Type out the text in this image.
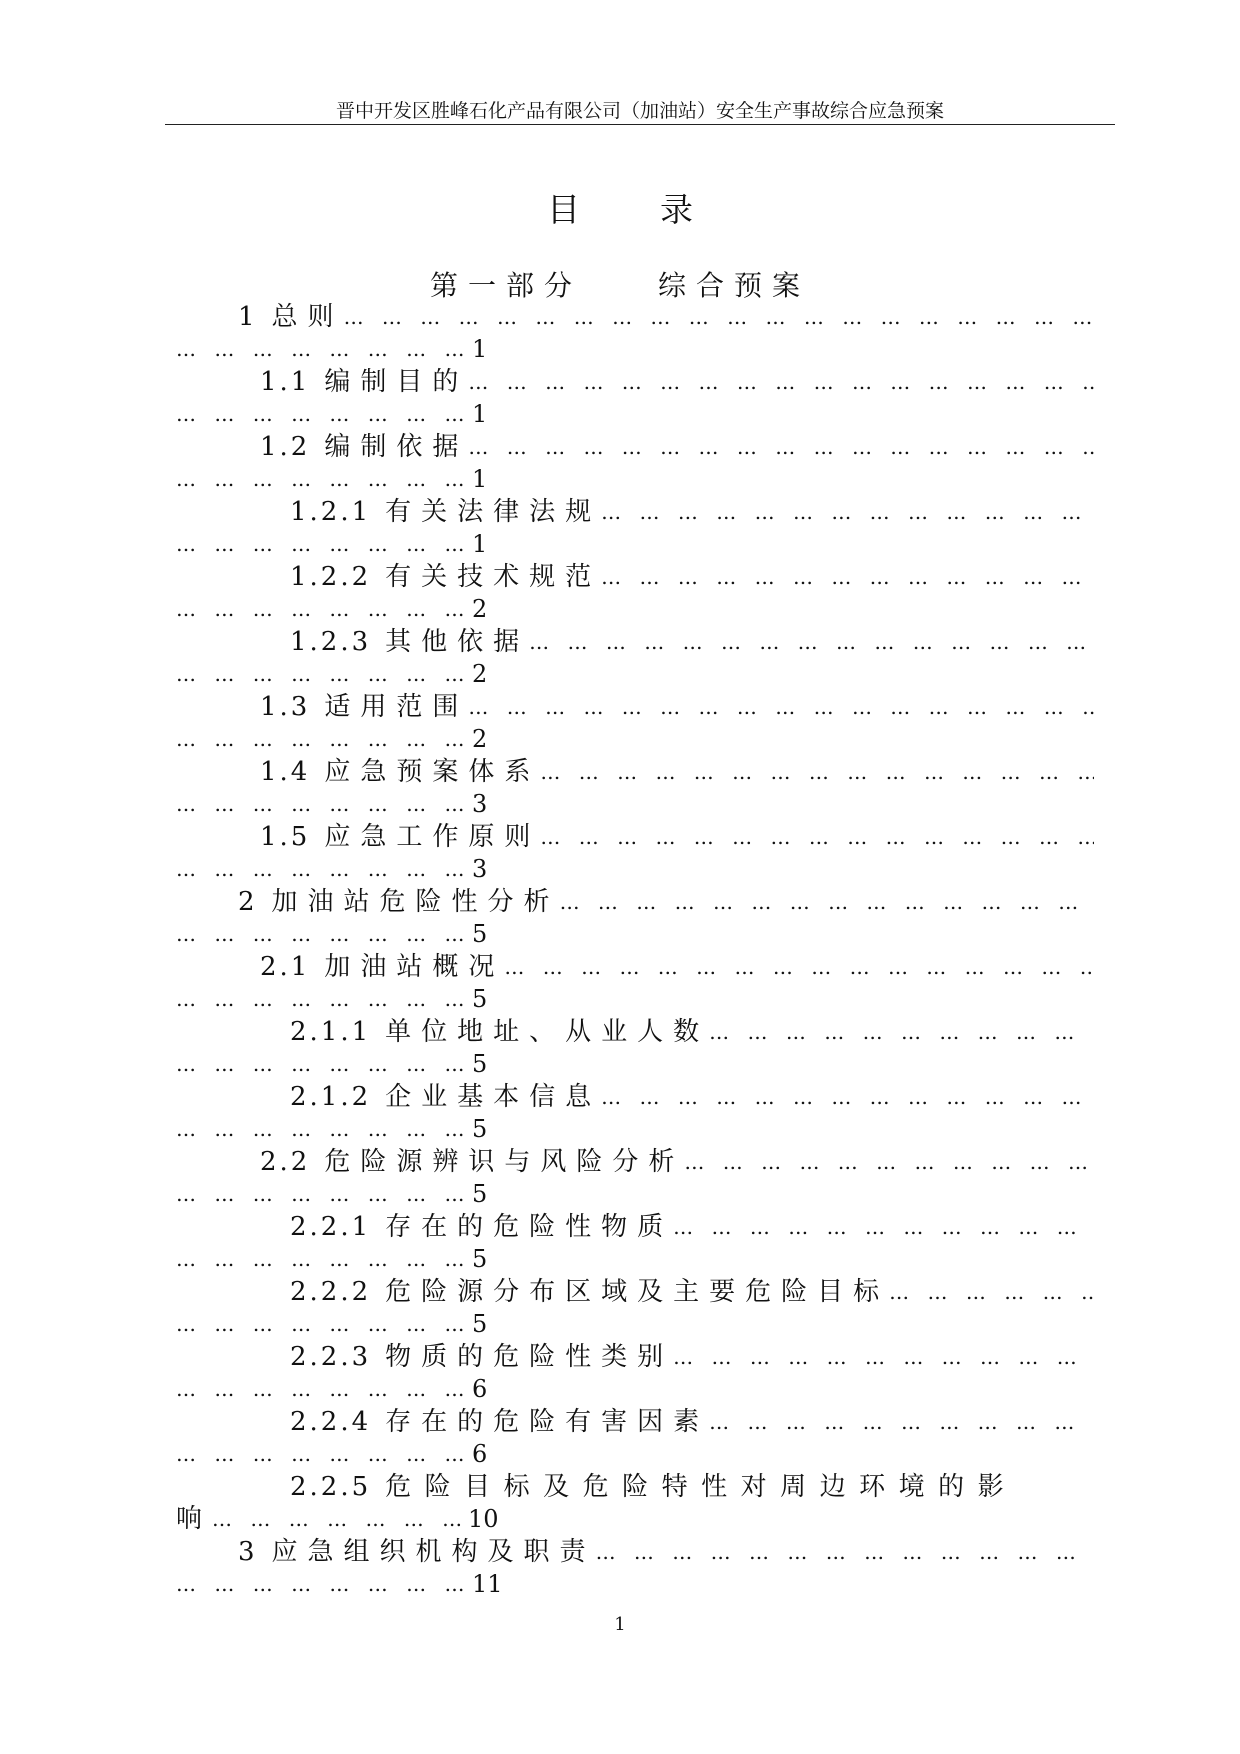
晋中开发区胜峰石化产品有限公司（加油站）安全生产事故综合应急预案
目录
第一部分　　综合预案
1 总则
… … … … … … … … … … … … … … … … … … … … … … … … … … … … … … … … … … … … … … …
… … … … … … … … … … … … … …
1
1.1 编制目的
… … … … … … … … … … … … … … … … … … … … … … … … … … … … … … … … … … … … … … …
… … … … … … … … … … … … … …
1
1.2 编制依据
… … … … … … … … … … … … … … … … … … … … … … … … … … … … … … … … … … … … … … …
… … … … … … … … … … … … … …
1
1.2.1 有关法律法规
… … … … … … … … … … … … … … … … … … … … … … … … … … … … … … … … … … … … … … …
… … … … … … … … … … … … … …
1
1.2.2 有关技术规范
… … … … … … … … … … … … … … … … … … … … … … … … … … … … … … … … … … … … … … …
… … … … … … … … … … … … … …
2
1.2.3 其他依据
… … … … … … … … … … … … … … … … … … … … … … … … … … … … … … … … … … … … … … …
… … … … … … … … … … … … … …
2
1.3 适用范围
… … … … … … … … … … … … … … … … … … … … … … … … … … … … … … … … … … … … … … …
… … … … … … … … … … … … … …
2
1.4 应急预案体系
… … … … … … … … … … … … … … … … … … … … … … … … … … … … … … … … … … … … … … …
… … … … … … … … … … … … … …
3
1.5 应急工作原则
… … … … … … … … … … … … … … … … … … … … … … … … … … … … … … … … … … … … … … …
… … … … … … … … … … … … … …
3
2 加油站危险性分析
… … … … … … … … … … … … … … … … … … … … … … … … … … … … … … … … … … … … … … …
… … … … … … … … … … … … … …
5
2.1 加油站概况
… … … … … … … … … … … … … … … … … … … … … … … … … … … … … … … … … … … … … … …
… … … … … … … … … … … … … …
5
2.1.1 单位地址、从业人数
… … … … … … … … … … … … … … … … … … … … … … … … … … … … … … … … … … … … … … …
… … … … … … … … … … … … … …
5
2.1.2 企业基本信息
… … … … … … … … … … … … … … … … … … … … … … … … … … … … … … … … … … … … … … …
… … … … … … … … … … … … … …
5
2.2 危险源辨识与风险分析
… … … … … … … … … … … … … … … … … … … … … … … … … … … … … … … … … … … … … … …
… … … … … … … … … … … … … …
5
2.2.1 存在的危险性物质
… … … … … … … … … … … … … … … … … … … … … … … … … … … … … … … … … … … … … … …
… … … … … … … … … … … … … …
5
2.2.2 危险源分布区域及主要危险目标
… … … … … … … … … … … … … … … … … … … … … … … … … … … … … … … … … … … … … … …
… … … … … … … … … … … … … …
5
2.2.3 物质的危险性类别
… … … … … … … … … … … … … … … … … … … … … … … … … … … … … … … … … … … … … … …
… … … … … … … … … … … … … …
6
2.2.4 存在的危险有害因素
… … … … … … … … … … … … … … … … … … … … … … … … … … … … … … … … … … … … … … …
… … … … … … … … … … … … … …
6
2.2.5 危险目标及危险特性对周边环境的影
响
… … … … … … … … … … … … … …	10
3 应急组织机构及职责
… … … … … … … … … … … … … … … … … … … … … … … … … … … … … … … … … … … … … … …
… … … … … … … … … … … … … …
11
1
